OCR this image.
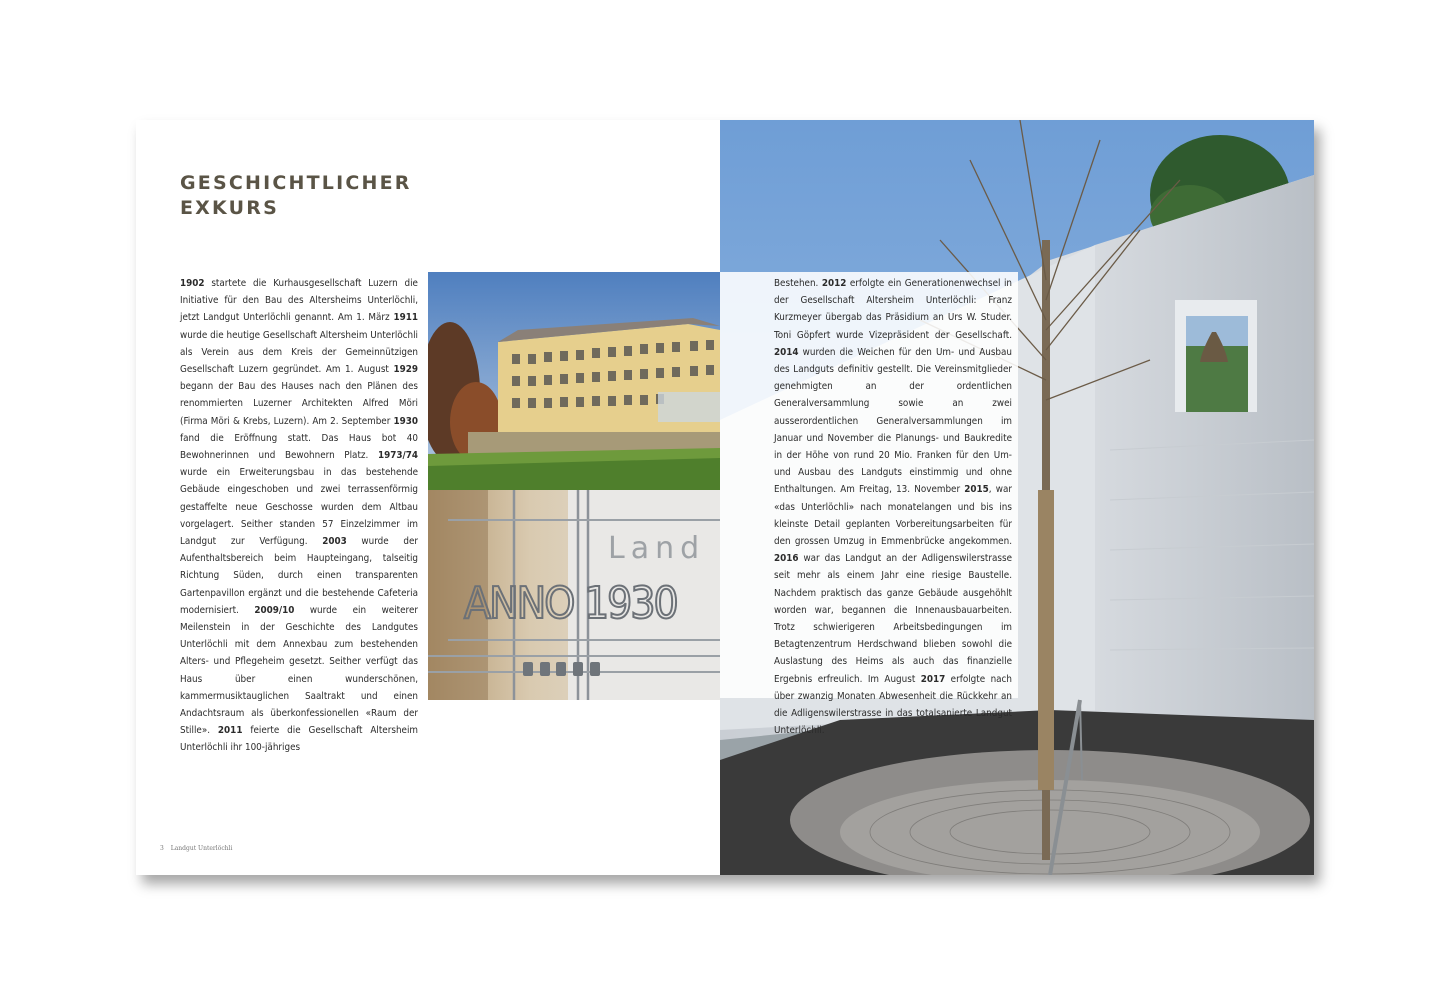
Land
ANNO 1930
GESCHICHTLICHER
EXKURS
1902 startete die Kurhausgesellschaft Luzern die Initiative für den Bau des Altersheims Unterlöchli, jetzt Landgut Unterlöchli genannt. Am 1. März 1911 wurde die heutige Gesellschaft Altersheim Unterlöchli als Verein aus dem Kreis der Gemeinnützigen Gesellschaft Luzern gegründet. Am 1. August 1929 begann der Bau des Hauses nach den Plänen des renommierten Luzerner Architekten Alfred Möri (Firma Möri & Krebs, Luzern). Am 2. September 1930 fand die Eröffnung statt. Das Haus bot 40 Bewohnerinnen und Bewohnern Platz. 1973/74 wurde ein Erweiterungsbau in das bestehende Gebäude eingeschoben und zwei terrassenförmig gestaffelte neue Geschosse wurden dem Altbau vorgelagert. Seither standen 57 Einzelzimmer im Landgut zur Verfügung. 2003 wurde der Aufenthaltsbereich beim Haupteingang, talseitig Richtung Süden, durch einen transparenten Gartenpavillon ergänzt und die bestehende Cafeteria modernisiert. 2009/10 wurde ein weiterer Meilenstein in der Geschichte des Landgutes Unterlöchli mit dem Annexbau zum bestehenden Alters- und Pflegeheim gesetzt. Seither verfügt das Haus über einen wunderschönen, kammermusiktauglichen Saaltrakt und einen Andachtsraum als überkonfessionellen «Raum der Stille». 2011 feierte die Gesellschaft Altersheim Unterlöchli ihr 100-jähriges
Bestehen. 2012 erfolgte ein Generationenwechsel in der Gesellschaft Altersheim Unterlöchli: Franz Kurzmeyer übergab das Präsidium an Urs W. Studer. Toni Göpfert wurde Vizepräsident der Gesellschaft. 2014 wurden die Weichen für den Um- und Ausbau des Landguts definitiv gestellt. Die Vereinsmitglieder genehmigten an der ordentlichen Generalversammlung sowie an zwei ausserordentlichen Generalversammlungen im Januar und November die Planungs- und Baukredite in der Höhe von rund 20 Mio. Franken für den Um- und Ausbau des Landguts einstimmig und ohne Enthaltungen. Am Freitag, 13. November 2015, war «das Unterlöchli» nach monatelangen und bis ins kleinste Detail geplanten Vorbereitungsarbeiten für den grossen Umzug in Emmenbrücke angekommen. 2016 war das Landgut an der Adligenswilerstrasse seit mehr als einem Jahr eine riesige Baustelle. Nachdem praktisch das ganze Gebäude ausgehöhlt worden war, begannen die Innenausbauarbeiten. Trotz schwierigeren Arbeitsbedingungen im Betagtenzentrum Herdschwand blieben sowohl die Auslastung des Heims als auch das finanzielle Ergebnis erfreulich. Im August 2017 erfolgte nach über zwanzig Monaten Abwesenheit die Rückkehr an die Adligenswilerstrasse in das totalsanierte Landgut Unterlöchli.
3 Landgut Unterlöchli
